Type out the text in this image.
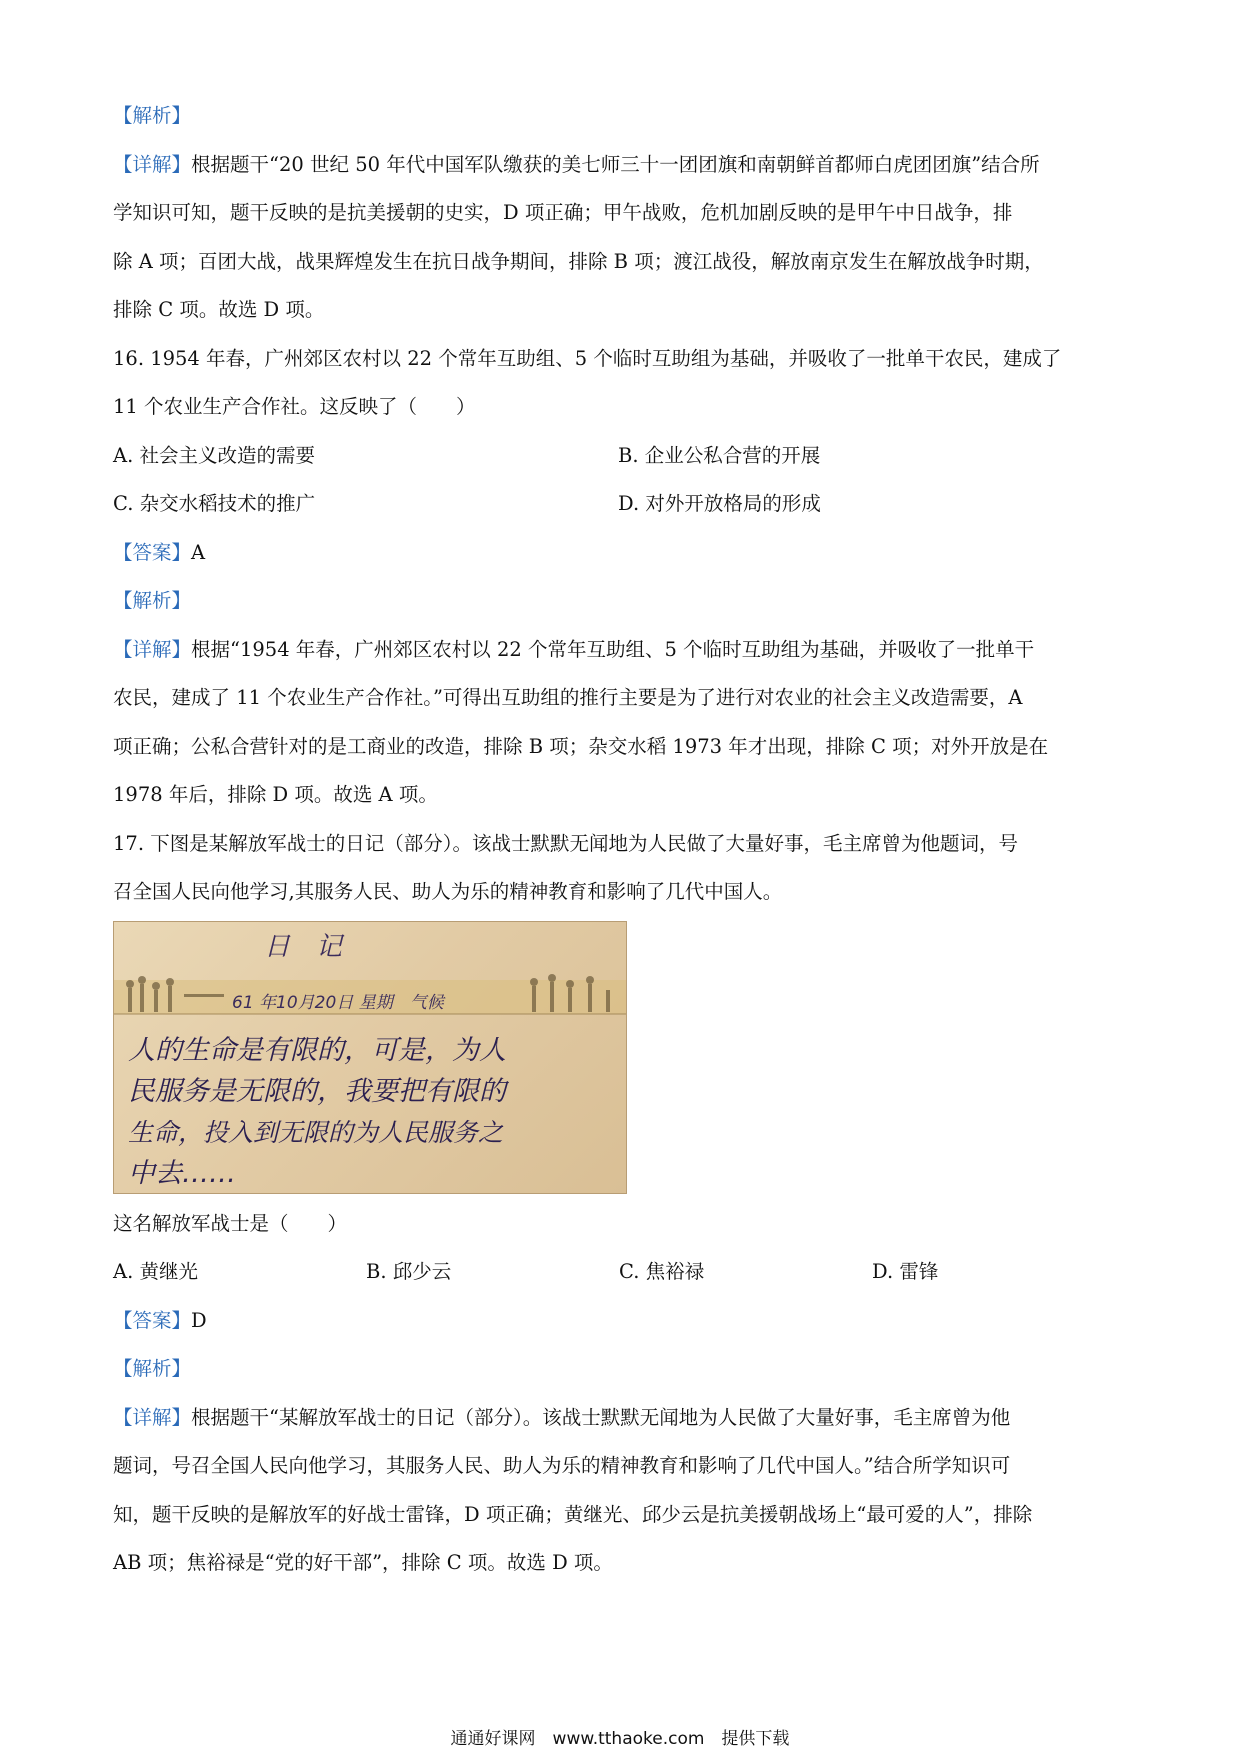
【解析】
【详解】根据题干“20 世纪 50 年代中国军队缴获的美七师三十一团团旗和南朝鲜首都师白虎团团旗”结合所
学知识可知，题干反映的是抗美援朝的史实，D 项正确；甲午战败，危机加剧反映的是甲午中日战争，排
除 A 项；百团大战，战果辉煌发生在抗日战争期间，排除 B 项；渡江战役，解放南京发生在解放战争时期，
排除 C 项。故选 D 项。
16. 1954 年春，广州郊区农村以 22 个常年互助组、5 个临时互助组为基础，并吸收了一批单干农民，建成了
11 个农业生产合作社。这反映了（　　）
A. 社会主义改造的需要	B. 企业公私合营的开展
C. 杂交水稻技术的推广	D. 对外开放格局的形成
【答案】A
【解析】
【详解】根据“1954 年春，广州郊区农村以 22 个常年互助组、5 个临时互助组为基础，并吸收了一批单干
农民，建成了 11 个农业生产合作社。”可得出互助组的推行主要是为了进行对农业的社会主义改造需要，A
项正确；公私合营针对的是工商业的改造，排除 B 项；杂交水稻 1973 年才出现，排除 C 项；对外开放是在
1978 年后，排除 D 项。故选 A 项。
17. 下图是某解放军战士的日记（部分）。该战士默默无闻地为人民做了大量好事，毛主席曾为他题词，号
召全国人民向他学习,其服务人民、助人为乐的精神教育和影响了几代中国人。
日　记
61 年10月20日 星期　气候
人的生命是有限的，可是，为人
民服务是无限的，我要把有限的
生命，投入到无限的为人民服务之
中去……
这名解放军战士是（　　）
A. 黄继光	B. 邱少云	C. 焦裕禄	D. 雷锋
【答案】D
【解析】
【详解】根据题干“某解放军战士的日记（部分）。该战士默默无闻地为人民做了大量好事，毛主席曾为他
题词，号召全国人民向他学习，其服务人民、助人为乐的精神教育和影响了几代中国人。”结合所学知识可
知，题干反映的是解放军的好战士雷锋，D 项正确；黄继光、邱少云是抗美援朝战场上“最可爱的人”，排除
AB 项；焦裕禄是“党的好干部”，排除 C 项。故选 D 项。
通通好课网　www.tthaoke.com　提供下载
